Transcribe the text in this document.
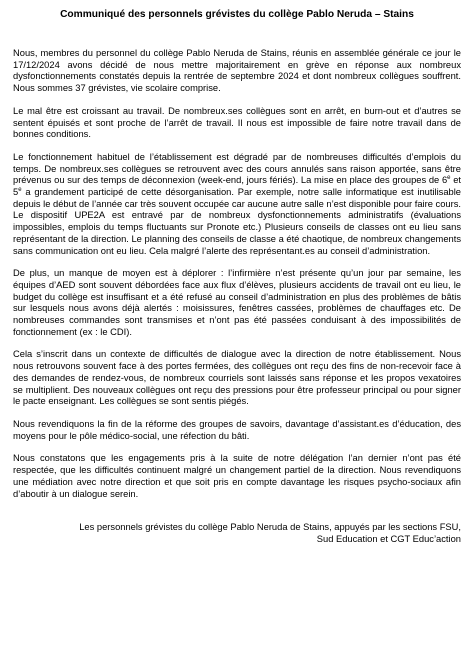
Communiqué des personnels grévistes du collège Pablo Neruda – Stains

Nous, membres du personnel du collège Pablo Neruda de Stains, réunis en assemblée générale ce jour le 17/12/2024 avons décidé de nous mettre majoritairement en grève en réponse aux nombreux dysfonctionnements constatés depuis la rentrée de septembre 2024 et dont nombreux collègues souffrent. Nous sommes 37 grévistes, vie scolaire comprise.

Le mal être est croissant au travail. De nombreux.ses collègues sont en arrêt, en burn-out et d’autres se sentent épuisés et sont proche de l’arrêt de travail. Il nous est impossible de faire notre travail dans de bonnes conditions.

Le fonctionnement habituel de l’établissement est dégradé par de nombreuses difficultés d’emplois du temps. De nombreux.ses collègues se retrouvent avec des cours annulés sans raison apportée, sans être prévenus ou sur des temps de déconnexion (week-end, jours fériés). La mise en place des groupes de 6e et 5e a grandement participé de cette désorganisation. Par exemple, notre salle informatique est inutilisable depuis le début de l’année car très souvent occupée car aucune autre salle n’est disponible pour faire cours. Le dispositif UPE2A est entravé par de nombreux dysfonctionnements administratifs (évaluations impossibles, emplois du temps fluctuants sur Pronote etc.) Plusieurs conseils de classes ont eu lieu sans représentant de la direction. Le planning des conseils de classe a été chaotique, de nombreux changements sans communication ont eu lieu. Cela malgré l’alerte des représentant.es au conseil d’administration.

De plus, un manque de moyen est à déplorer : l’infirmière n’est présente qu’un jour par semaine, les équipes d’AED sont souvent débordées face aux flux d’élèves, plusieurs accidents de travail ont eu lieu, le budget du collège est insuffisant et a été refusé au conseil d’administration en plus des problèmes de bâtis sur lesquels nous avons déjà alertés : moisissures, fenêtres cassées, problèmes de chauffages etc. De nombreuses commandes sont transmises et n’ont pas été passées conduisant à des impossibilités de fonctionnement (ex : le CDI).

Cela s’inscrit dans un contexte de difficultés de dialogue avec la direction de notre établissement. Nous nous retrouvons souvent face à des portes fermées, des collègues ont reçu des fins de non-recevoir face à des demandes de rendez-vous, de nombreux courriels sont laissés sans réponse et les propos vexatoires se multiplient. Des nouveaux collègues ont reçu des pressions pour être professeur principal ou pour signer le pacte enseignant. Les collègues se sont sentis piégés.

Nous revendiquons la fin de la réforme des groupes de savoirs, davantage d’assistant.es d’éducation, des moyens pour le pôle médico-social, une réfection du bâti.

Nous constatons que les engagements pris à la suite de notre délégation l’an dernier n’ont pas été respectée, que les difficultés continuent malgré un changement partiel de la direction. Nous revendiquons une médiation avec notre direction et que soit pris en compte davantage les risques psycho-sociaux afin d’aboutir à un dialogue serein.

Les personnels grévistes du collège Pablo Neruda de Stains, appuyés par les sections FSU,
Sud Education et CGT Educ’action
